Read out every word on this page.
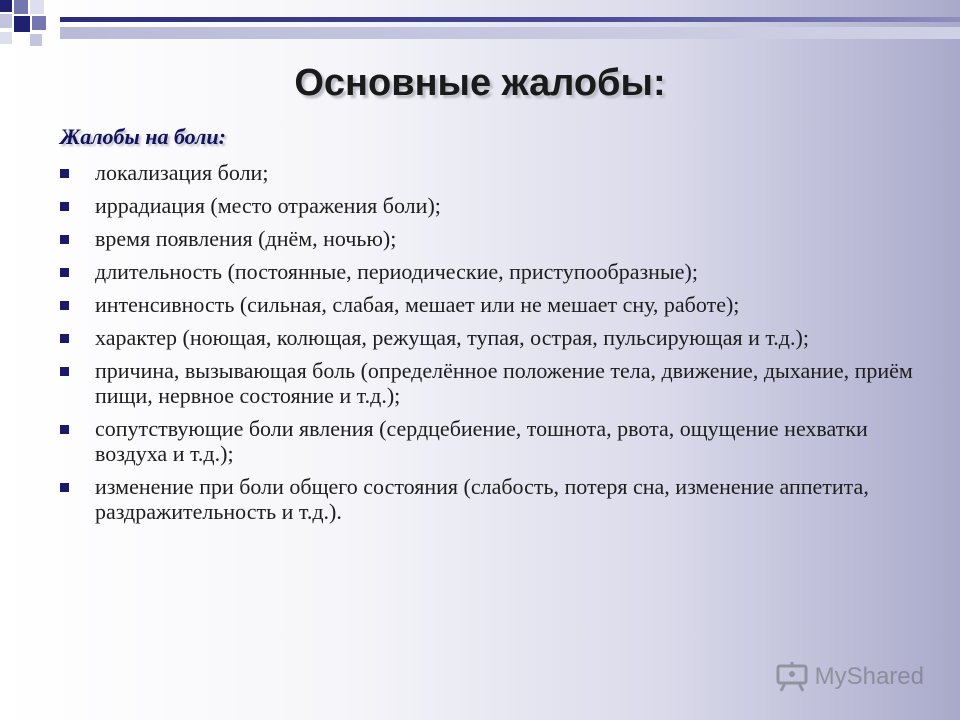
Основные жалобы:
Жалобы на боли:
локализация боли;
иррадиация (место отражения боли);
время появления (днём, ночью);
длительность (постоянные, периодические, приступообразные);
интенсивность (сильная, слабая, мешает или не мешает сну, работе);
характер (ноющая, колющая, режущая, тупая, острая, пульсирующая и т.д.);
причина, вызывающая боль (определённое положение тела, движение, дыхание, приём пищи, нервное состояние и т.д.);
сопутствующие боли явления (сердцебиение, тошнота, рвота, ощущение нехватки воздуха и т.д.);
изменение при боли общего состояния (слабость, потеря сна, изменение аппетита, раздражительность и т.д.).
MyShared
